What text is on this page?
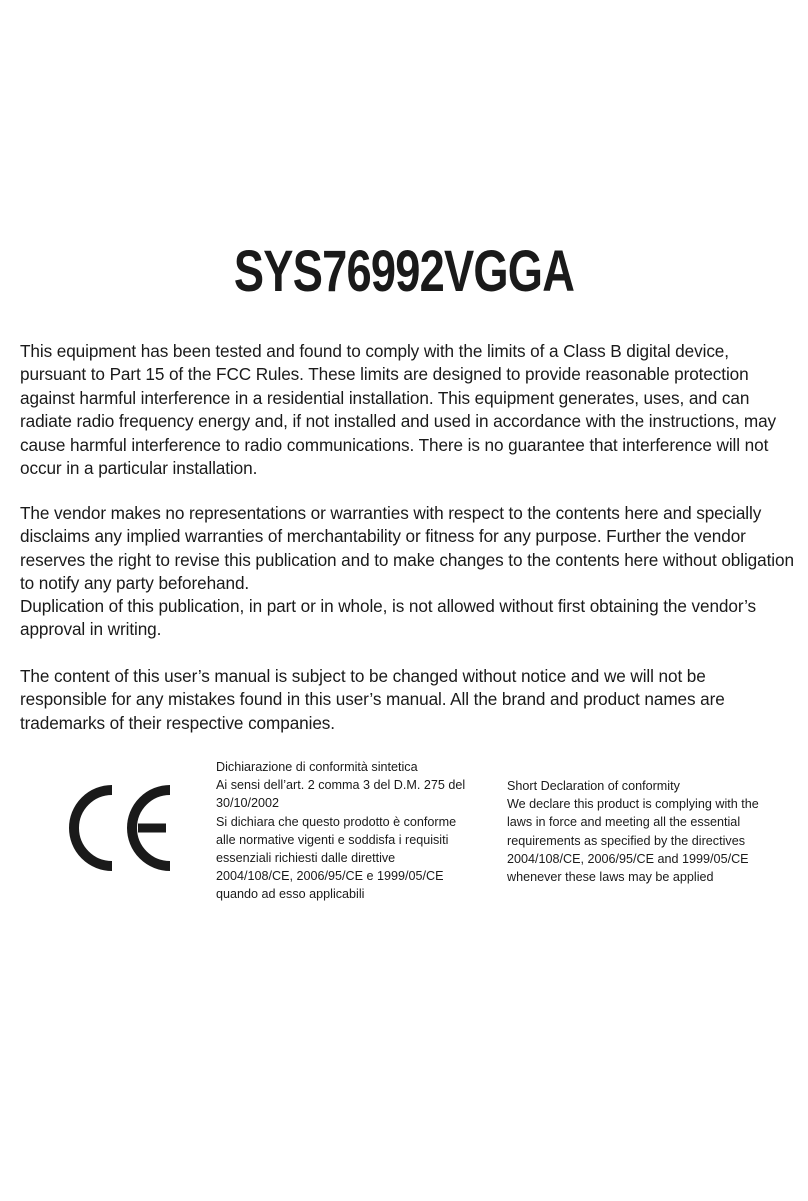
SYS76992VGGA

This equipment has been tested and found to comply with the limits of a Class B digital device, pursuant to Part 15 of the FCC Rules. These limits are designed to provide reasonable protection against harmful interference in a residential installation. This equipment generates, uses, and can radiate radio frequency energy and, if not installed and used in accordance with the instructions, may cause harmful interference to radio communications. There is no guarantee that interference will not occur in a particular installation.

The vendor makes no representations or warranties with respect to the contents here and specially disclaims any implied warranties of merchantability or fitness for any purpose. Further the vendor reserves the right to revise this publication and to make changes to the contents here without obligation to notify any party beforehand.

Duplication of this publication, in part or in whole, is not allowed without first obtaining the vendor’s approval in writing.

The content of this user’s manual is subject to be changed without notice and we will not be responsible for any mistakes found in this user’s manual. All the brand and product names are trademarks of their respective companies.

Dichiarazione di conformità sintetica
Ai sensi dell’art. 2 comma 3 del D.M. 275 del
30/10/2002
Si dichiara che questo prodotto è conforme
alle normative vigenti e soddisfa i requisiti
essenziali richiesti dalle direttive
2004/108/CE, 2006/95/CE e 1999/05/CE
quando ad esso applicabili
Short Declaration of conformity
We declare this product is complying with the
laws in force and meeting all the essential
requirements as specified by the directives
2004/108/CE, 2006/95/CE and 1999/05/CE
whenever these laws may be applied
